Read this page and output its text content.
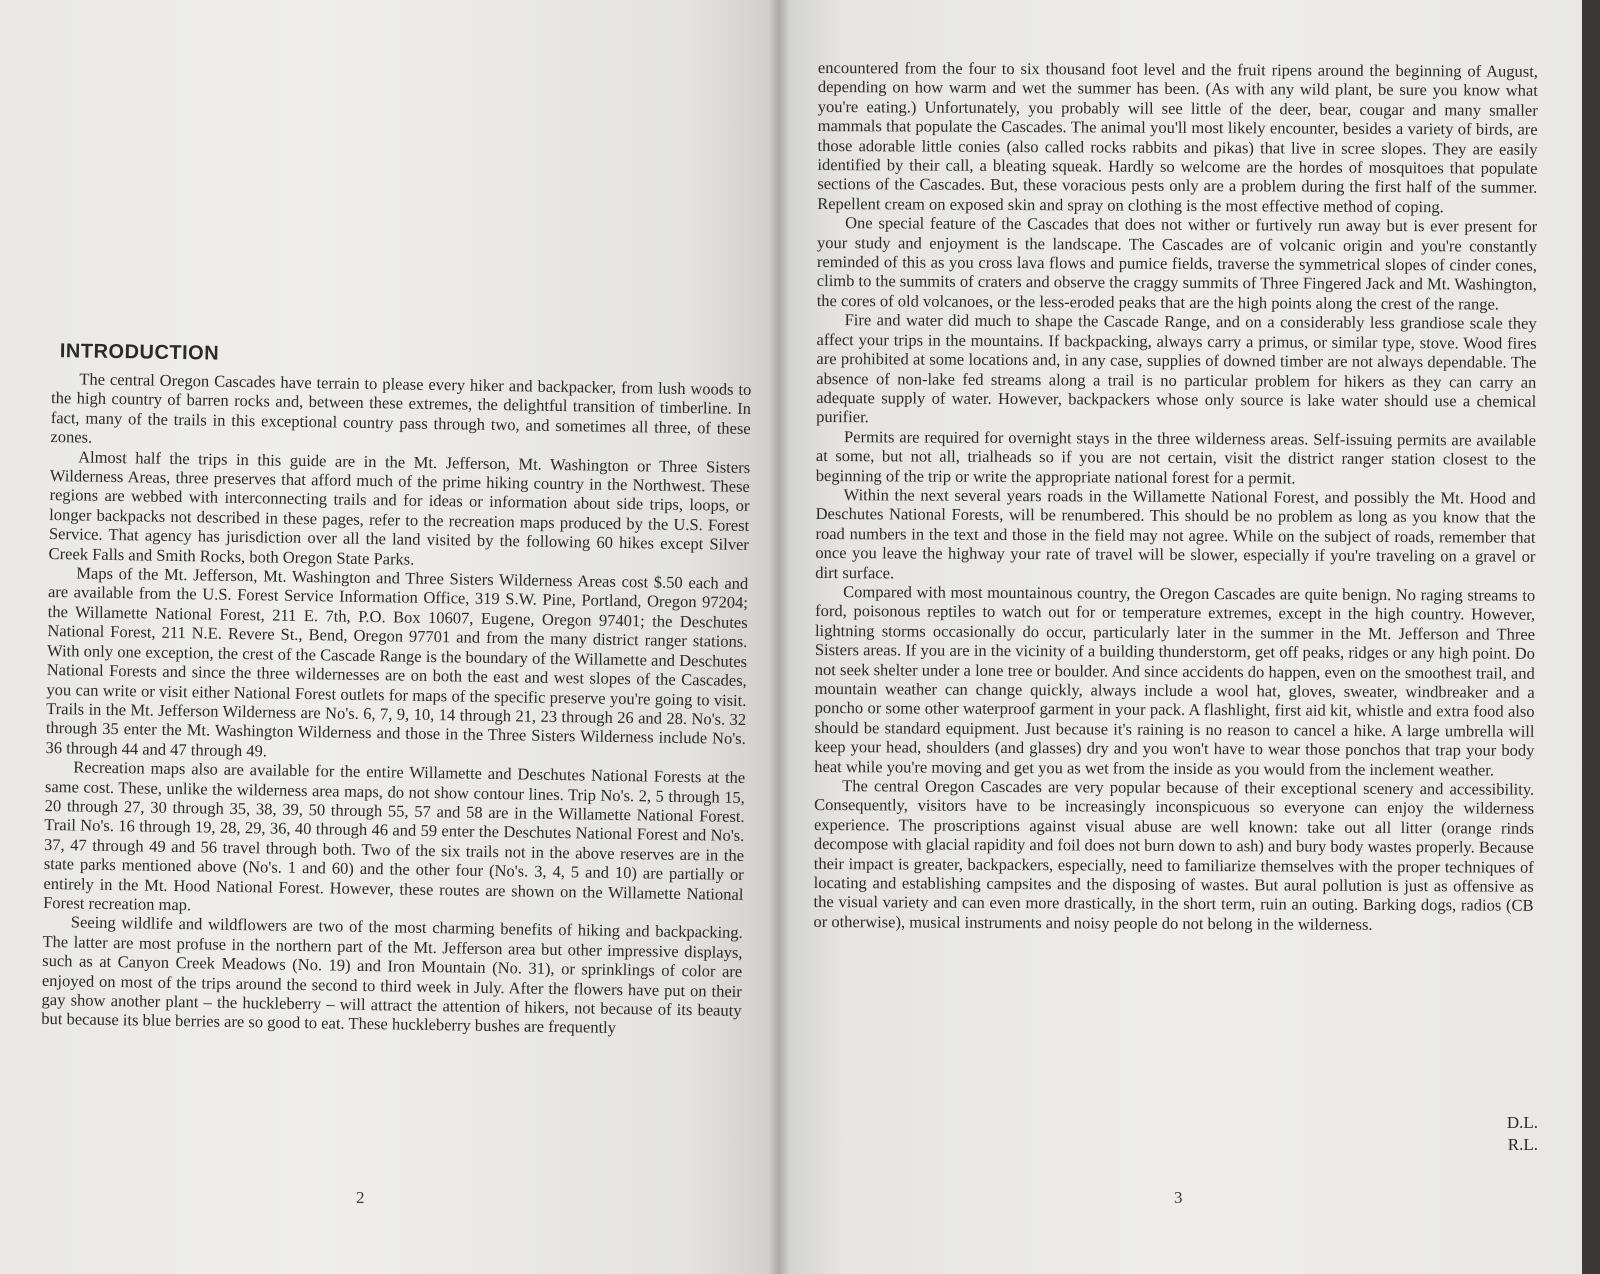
INTRODUCTION

The central Oregon Cascades have terrain to please every hiker and backpacker, from lush woods to the high country of barren rocks and, between these extremes, the delightful transition of timberline. In fact, many of the trails in this exceptional country pass through two, and sometimes all three, of these zones.

Almost half the trips in this guide are in the Mt. Jefferson, Mt. Washington or Three Sisters Wilderness Areas, three preserves that afford much of the prime hiking country in the Northwest. These regions are webbed with interconnecting trails and for ideas or information about side trips, loops, or longer backpacks not described in these pages, refer to the recreation maps produced by the U.S. Forest Service. That agency has jurisdiction over all the land visited by the following 60 hikes except Silver Creek Falls and Smith Rocks, both Oregon State Parks.

Maps of the Mt. Jefferson, Mt. Washington and Three Sisters Wilderness Areas cost $.50 each and are available from the U.S. Forest Service Information Office, 319 S.W. Pine, Portland, Oregon 97204; the Willamette National Forest, 211 E. 7th, P.O. Box 10607, Eugene, Oregon 97401; the Deschutes National Forest, 211 N.E. Revere St., Bend, Oregon 97701 and from the many district ranger stations. With only one exception, the crest of the Cascade Range is the boundary of the Willamette and Deschutes National Forests and since the three wildernesses are on both the east and west slopes of the Cascades, you can write or visit either National Forest outlets for maps of the specific preserve you're going to visit. Trails in the Mt. Jefferson Wilderness are No's. 6, 7, 9, 10, 14 through 21, 23 through 26 and 28. No's. 32 through 35 enter the Mt. Washington Wilderness and those in the Three Sisters Wilderness include No's. 36 through 44 and 47 through 49.

Recreation maps also are available for the entire Willamette and Deschutes National Forests at the same cost. These, unlike the wilderness area maps, do not show contour lines. Trip No's. 2, 5 through 15, 20 through 27, 30 through 35, 38, 39, 50 through 55, 57 and 58 are in the Willamette National Forest. Trail No's. 16 through 19, 28, 29, 36, 40 through 46 and 59 enter the Deschutes National Forest and No's. 37, 47 through 49 and 56 travel through both. Two of the six trails not in the above reserves are in the state parks mentioned above (No's. 1 and 60) and the other four (No's. 3, 4, 5 and 10) are partially or entirely in the Mt. Hood National Forest. However, these routes are shown on the Willamette National Forest recreation map.

Seeing wildlife and wildflowers are two of the most charming benefits of hiking and backpacking. The latter are most profuse in the northern part of the Mt. Jefferson area but other impressive displays, such as at Canyon Creek Meadows (No. 19) and Iron Mountain (No. 31), or sprinklings of color are enjoyed on most of the trips around the second to third week in July. After the flowers have put on their gay show another plant – the huckleberry – will attract the attention of hikers, not because of its beauty but because its blue berries are so good to eat. These huckleberry bushes are frequently

2

encountered from the four to six thousand foot level and the fruit ripens around the beginning of August, depending on how warm and wet the summer has been. (As with any wild plant, be sure you know what you're eating.) Unfortunately, you probably will see little of the deer, bear, cougar and many smaller mammals that populate the Cascades. The animal you'll most likely encounter, besides a variety of birds, are those adorable little conies (also called rocks rabbits and pikas) that live in scree slopes. They are easily identified by their call, a bleating squeak. Hardly so welcome are the hordes of mosquitoes that populate sections of the Cascades. But, these voracious pests only are a problem during the first half of the summer. Repellent cream on exposed skin and spray on clothing is the most effective method of coping.

One special feature of the Cascades that does not wither or furtively run away but is ever present for your study and enjoyment is the landscape. The Cascades are of volcanic origin and you're constantly reminded of this as you cross lava flows and pumice fields, traverse the symmetrical slopes of cinder cones, climb to the summits of craters and observe the craggy summits of Three Fingered Jack and Mt. Washington, the cores of old volcanoes, or the less-eroded peaks that are the high points along the crest of the range.

Fire and water did much to shape the Cascade Range, and on a considerably less grandiose scale they affect your trips in the mountains. If backpacking, always carry a primus, or similar type, stove. Wood fires are prohibited at some locations and, in any case, supplies of downed timber are not always dependable. The absence of non-lake fed streams along a trail is no particular problem for hikers as they can carry an adequate supply of water. However, backpackers whose only source is lake water should use a chemical purifier.

Permits are required for overnight stays in the three wilderness areas. Self-issuing permits are available at some, but not all, trialheads so if you are not certain, visit the district ranger station closest to the beginning of the trip or write the appropriate national forest for a permit.

Within the next several years roads in the Willamette National Forest, and possibly the Mt. Hood and Deschutes National Forests, will be renumbered. This should be no problem as long as you know that the road numbers in the text and those in the field may not agree. While on the subject of roads, remember that once you leave the highway your rate of travel will be slower, especially if you're traveling on a gravel or dirt surface.

Compared with most mountainous country, the Oregon Cascades are quite benign. No raging streams to ford, poisonous reptiles to watch out for or temperature extremes, except in the high country. However, lightning storms occasionally do occur, particularly later in the summer in the Mt. Jefferson and Three Sisters areas. If you are in the vicinity of a building thunderstorm, get off peaks, ridges or any high point. Do not seek shelter under a lone tree or boulder. And since accidents do happen, even on the smoothest trail, and mountain weather can change quickly, always include a wool hat, gloves, sweater, windbreaker and a poncho or some other waterproof garment in your pack. A flashlight, first aid kit, whistle and extra food also should be standard equipment. Just because it's raining is no reason to cancel a hike. A large umbrella will keep your head, shoulders (and glasses) dry and you won't have to wear those ponchos that trap your body heat while you're moving and get you as wet from the inside as you would from the inclement weather.

The central Oregon Cascades are very popular because of their exceptional scenery and accessibility. Consequently, visitors have to be increasingly inconspicuous so everyone can enjoy the wilderness experience. The proscriptions against visual abuse are well known: take out all litter (orange rinds decompose with glacial rapidity and foil does not burn down to ash) and bury body wastes properly. Because their impact is greater, backpackers, especially, need to familiarize themselves with the proper techniques of locating and establishing campsites and the disposing of wastes. But aural pollution is just as offensive as the visual variety and can even more drastically, in the short term, ruin an outing. Barking dogs, radios (CB or otherwise), musical instruments and noisy people do not belong in the wilderness.

D.L.
R.L.
3
